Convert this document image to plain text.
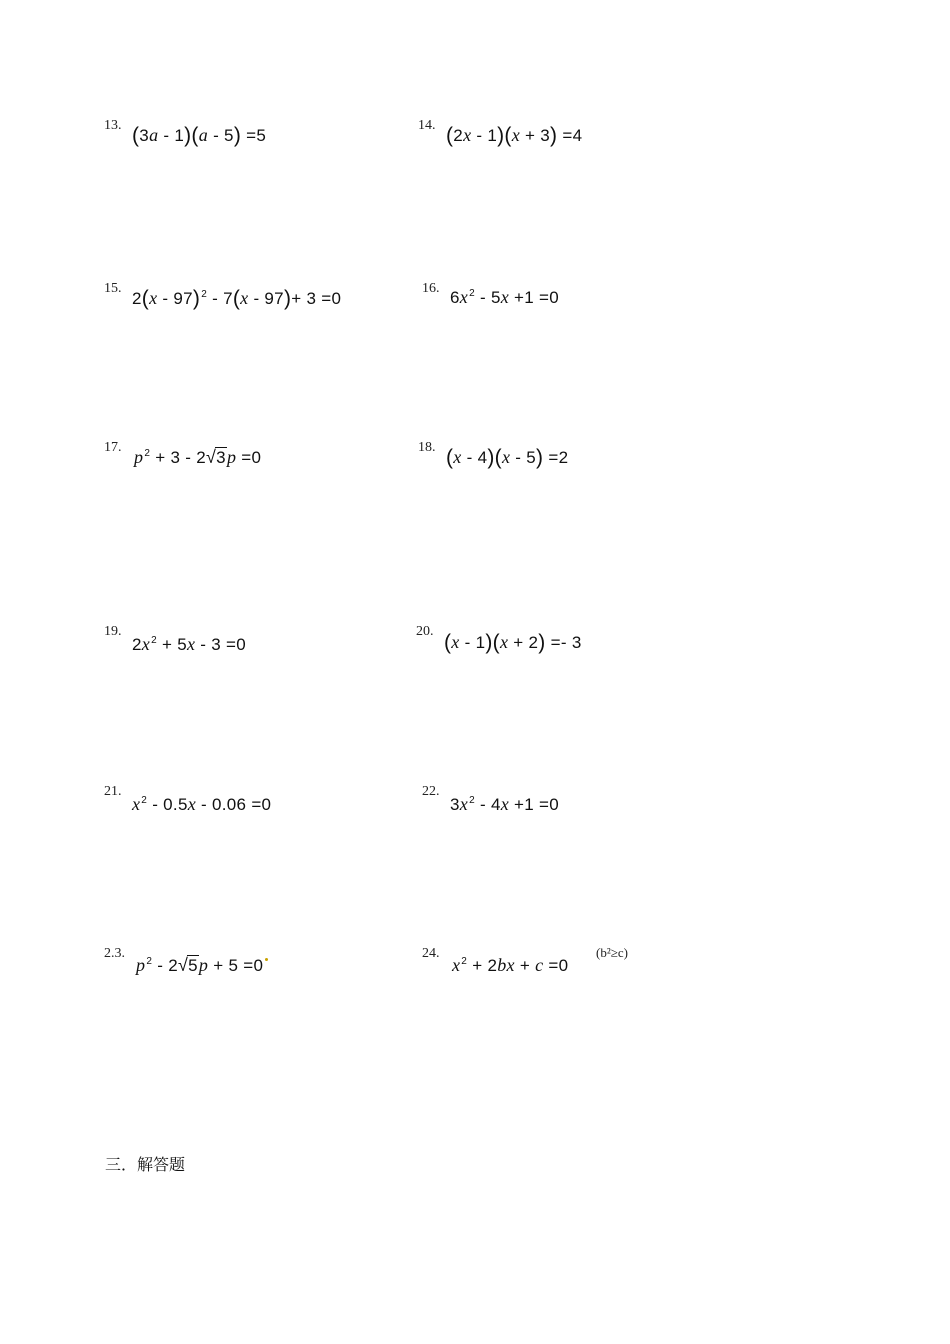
13. (3a - 1)(a - 5) =5
14. (2x - 1)(x + 3) =4
15.
2(x - 97)$^2$ - 7(x - 97)+ 3 =0
16. $6x^2 - 5x +1 =0$
17. $p^2 + 3 - 2√3p =0$
18. (x - 4)(x - 5) =2
19.
$2x^2 + 5x - 3 =0$
20. (x - 1)(x + 2) =- 3
21.
$x^2 - 0.5x - 0.06 =0$
22.
$3x^2 - 4x +1 =0$
2.3.
$p^2 - 2√5p + 5 =0$
24.
$x^2 + 2bx + c =0$
(b²≥c)
三．解答题
